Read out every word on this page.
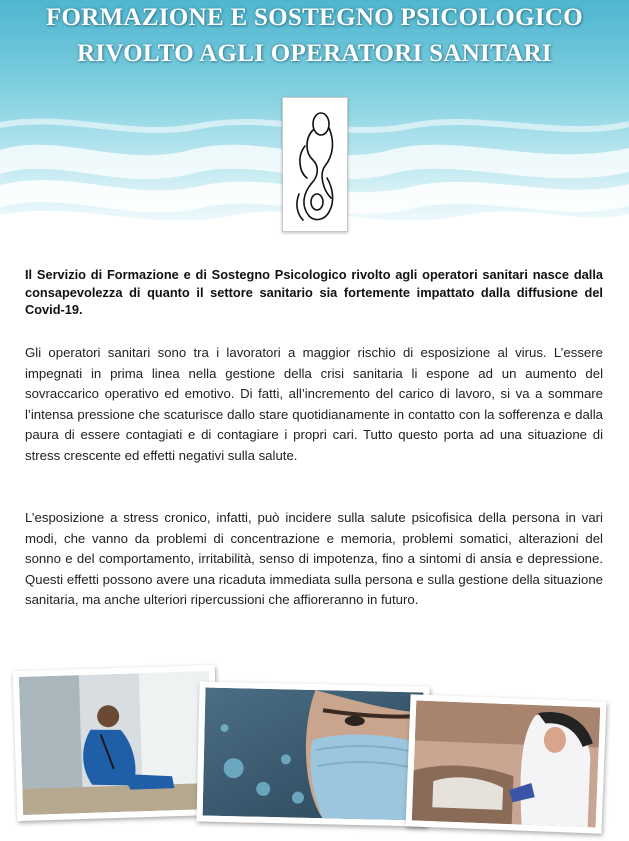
FORMAZIONE E SOSTEGNO PSICOLOGICO
RIVOLTO AGLI OPERATORI SANITARI

Il Servizio di Formazione e di Sostegno Psicologico rivolto agli operatori sanitari nasce dalla consapevolezza di quanto il settore sanitario sia fortemente impattato dalla diffusione del Covid-19.

Gli operatori sanitari sono tra i lavoratori a maggior rischio di esposizione al virus. L’essere impegnati in prima linea nella gestione della crisi sanitaria li espone ad un aumento del sovraccarico operativo ed emotivo. Di fatti, all’incremento del carico di lavoro, si va a sommare l’intensa pressione che scaturisce dallo stare quotidianamente in contatto con la sofferenza e dalla paura di essere contagiati e di contagiare i propri cari. Tutto questo porta ad una situazione di stress crescente ed effetti negativi sulla salute.

L’esposizione a stress cronico, infatti, può incidere sulla salute psicofisica della persona in vari modi, che vanno da problemi di concentrazione e memoria, problemi somatici, alterazioni del sonno e del comportamento, irritabilità, senso di impotenza, fino a sintomi di ansia e depressione. Questi effetti possono avere una ricaduta immediata sulla persona e sulla gestione della situazione sanitaria, ma anche ulteriori ripercussioni che affioreranno in futuro.
